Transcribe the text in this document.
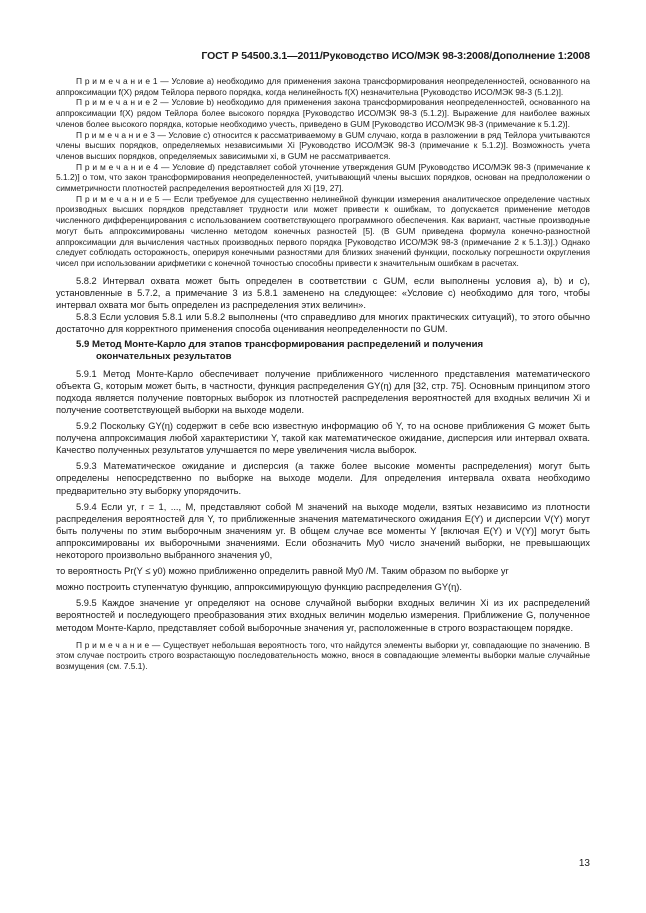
ГОСТ Р 54500.3.1—2011/Руководство ИСО/МЭК 98-3:2008/Дополнение 1:2008

П р и м е ч а н и е 1 — Условие а) необходимо для применения закона трансформирования неопределенностей, основанного на аппроксимации f(X) рядом Тейлора первого порядка, когда нелинейность f(X) незначительна [Руководство ИСО/МЭК 98-3 (5.1.2)].

П р и м е ч а н и е 2 — Условие b) необходимо для применения закона трансформирования неопределенностей, основанного на аппроксимации f(X) рядом Тейлора более высокого порядка [Руководство ИСО/МЭК 98-3 (5.1.2)]. Выражение для наиболее важных членов более высокого порядка, которые необходимо учесть, приведено в GUM [Руководство ИСО/МЭК 98-3 (примечание к 5.1.2)].

П р и м е ч а н и е 3 — Условие с) относится к рассматриваемому в GUM случаю, когда в разложении в ряд Тейлора учитываются члены высших порядков, определяемых независимыми Xi [Руководство ИСО/МЭК 98-3 (примечание к 5.1.2)]. Возможность учета членов высших порядков, определяемых зависимыми xi, в GUM не рассматривается.

П р и м е ч а н и е 4 — Условие d) представляет собой уточнение утверждения GUM [Руководство ИСО/МЭК 98-3 (примечание к 5.1.2)] о том, что закон трансформирования неопределенностей, учитывающий члены высших порядков, основан на предположении о симметричности плотностей распределения вероятностей для Xi [19, 27].

П р и м е ч а н и е 5 — Если требуемое для существенно нелинейной функции измерения аналитическое определение частных производных высших порядков представляет трудности или может привести к ошибкам, то допускается применение методов численного дифференцирования с использованием соответствующего программного обеспечения. Как вариант, частные производные могут быть аппроксимированы численно методом конечных разностей [5]. (В GUM приведена формула конечно-разностной аппроксимации для вычисления частных производных первого порядка [Руководство ИСО/МЭК 98-3 (примечание 2 к 5.1.3)].) Однако следует соблюдать осторожность, оперируя конечными разностями для близких значений функции, поскольку погрешности округления чисел при использовании арифметики с конечной точностью способны привести к значительным ошибкам в расчетах.

5.8.2 Интервал охвата может быть определен в соответствии с GUM, если выполнены условия а), b) и с), установленные в 5.7.2, а примечание 3 из 5.8.1 заменено на следующее: «Условие с) необходимо для того, чтобы интервал охвата мог быть определен из распределения этих величин».

5.8.3 Если условия 5.8.1 или 5.8.2 выполнены (что справедливо для многих практических ситуаций), то этого обычно достаточно для корректного применения способа оценивания неопределенности по GUM.

5.9 Метод Монте-Карло для этапов трансформирования распределений и получения
окончательных результатов

5.9.1 Метод Монте-Карло обеспечивает получение приближенного численного представления математического объекта G, которым может быть, в частности, функция распределения GY(η) для [32, стр. 75]. Основным принципом этого подхода является получение повторных выборок из плотностей распределения вероятностей для входных величин Xi и получение соответствующей выборки на выходе модели.

5.9.2 Поскольку GY(η) содержит в себе всю известную информацию об Y, то на основе приближения G может быть получена аппроксимация любой характеристики Y, такой как математическое ожидание, дисперсия или интервал охвата. Качество полученных результатов улучшается по мере увеличения числа выборок.

5.9.3 Математическое ожидание и дисперсия (а также более высокие моменты распределения) могут быть определены непосредственно по выборке на выходе модели. Для определения интервала охвата необходимо предварительно эту выборку упорядочить.

5.9.4 Если yr, r = 1, ..., M, представляют собой M значений на выходе модели, взятых независимо из плотности распределения вероятностей для Y, то приближенные значения математического ожидания E(Y) и дисперсии V(Y) могут быть получены по этим выборочным значениям yr. В общем случае все моменты Y [включая E(Y) и V(Y)] могут быть аппроксимированы их выборочными значениями. Если обозначить My0 число значений выборки, не превышающих некоторого произвольно выбранного значения y0,

то вероятность Pr(Y ≤ y0) можно приближенно определить равной My0 /M. Таким образом по выборке yr

можно построить ступенчатую функцию, аппроксимирующую функцию распределения GY(η).

5.9.5 Каждое значение yr определяют на основе случайной выборки входных величин Xi из их распределений вероятностей и последующего преобразования этих входных величин моделью измерения. Приближение G, полученное методом Монте-Карло, представляет собой выборочные значения yr, расположенные в строго возрастающем порядке.

П р и м е ч а н и е — Существует небольшая вероятность того, что найдутся элементы выборки yr, совпадающие по значению. В этом случае построить строго возрастающую последовательность можно, внося в совпадающие элементы выборки малые случайные возмущения (см. 7.5.1).

13
